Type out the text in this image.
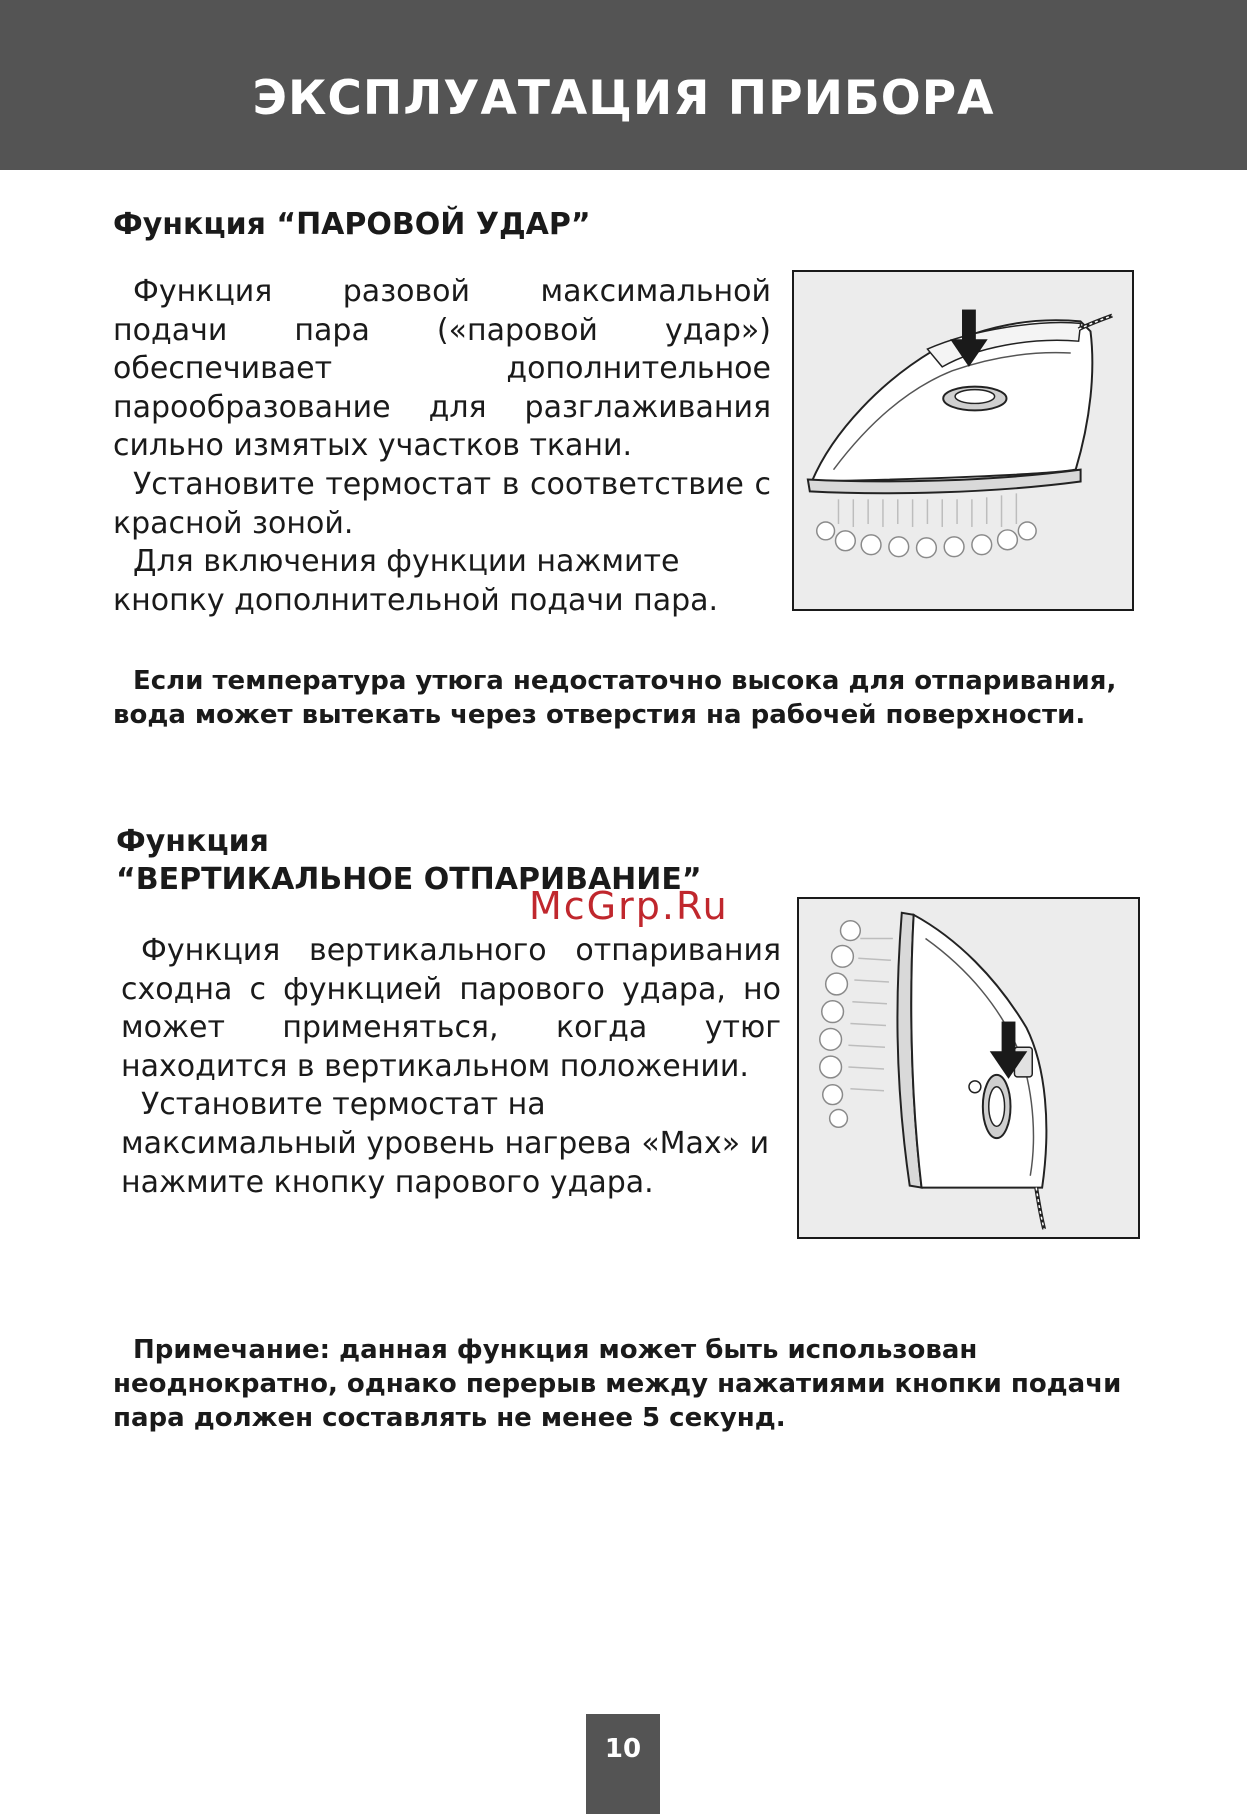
ЭКСПЛУАТАЦИЯ ПРИБОРА
Функция “ПАРОВОЙ УДАР”

Функция разовой максимальной подачи пара («паровой удар») обеспечивает дополнительное парообразование для разглаживания сильно измятых участков ткани.

Установите термостат в соответствие с красной зоной.

Для включения функции нажмите кнопку дополнительной подачи пара.

Если температура утюга недостаточно высока для отпаривания, вода может вытекать через отверстия на рабочей поверхности.

Функция
“ВЕРТИКАЛЬНОЕ ОТПАРИВАНИЕ”
McGrp.Ru

Функция вертикального отпаривания сходна с функцией парового удара, но может применяться, когда утюг находится в вертикальном положении.

Установите термостат на максимальный уровень нагрева «Max» и нажмите кнопку парового удара.

Примечание: данная функция может быть использован неоднократно, однако перерыв между нажатиями кнопки подачи пара должен составлять не менее 5 секунд.

10
